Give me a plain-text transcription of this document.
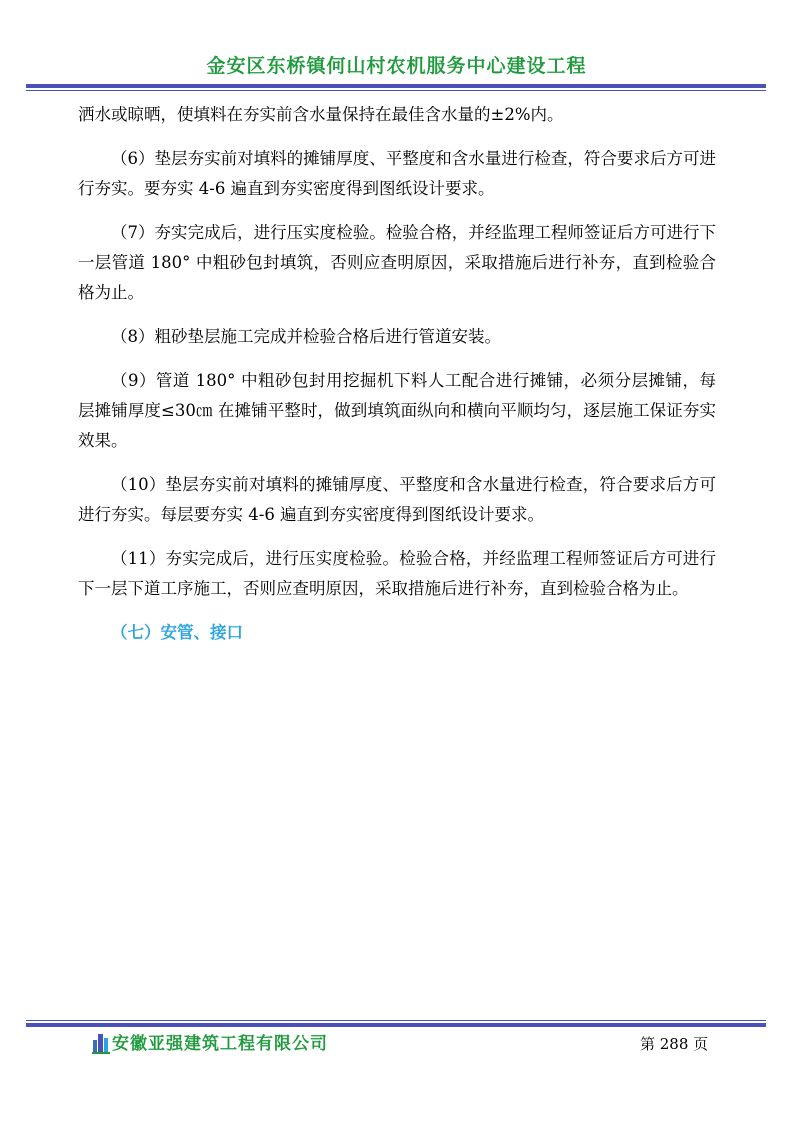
金安区东桥镇何山村农机服务中心建设工程

洒水或晾晒，使填料在夯实前含水量保持在最佳含水量的±2%内。

（6）垫层夯实前对填料的摊铺厚度、平整度和含水量进行检查，符合要求后方可进行夯实。要夯实 4-6 遍直到夯实密度得到图纸设计要求。

（7）夯实完成后，进行压实度检验。检验合格，并经监理工程师签证后方可进行下一层管道 180° 中粗砂包封填筑，否则应查明原因，采取措施后进行补夯，直到检验合格为止。

（8）粗砂垫层施工完成并检验合格后进行管道安装。

（9）管道 180° 中粗砂包封用挖掘机下料人工配合进行摊铺，必须分层摊铺，每层摊铺厚度≤30㎝ 在摊铺平整时，做到填筑面纵向和横向平顺均匀，逐层施工保证夯实效果。

（10）垫层夯实前对填料的摊铺厚度、平整度和含水量进行检查，符合要求后方可进行夯实。每层要夯实 4-6 遍直到夯实密度得到图纸设计要求。

（11）夯实完成后，进行压实度检验。检验合格，并经监理工程师签证后方可进行下一层下道工序施工，否则应查明原因，采取措施后进行补夯，直到检验合格为止。

（七）安管、接口

安徽亚强建筑工程有限公司	第 288 页
